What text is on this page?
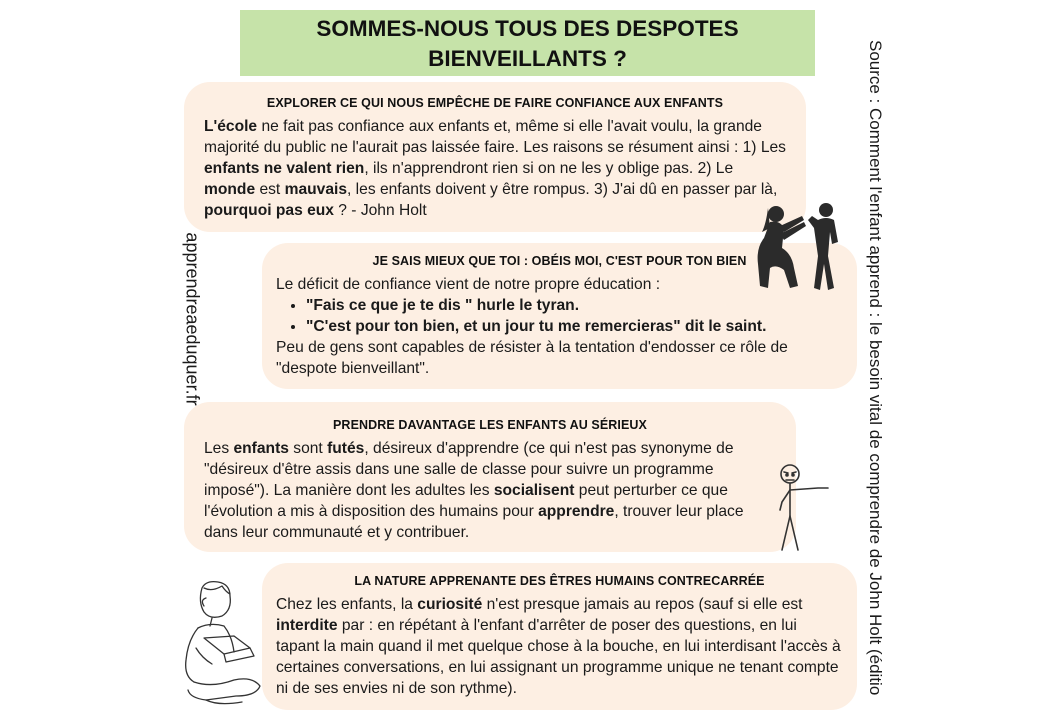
SOMMES-NOUS TOUS DES DESPOTES
BIENVEILLANTS ?
apprendreaeduquer.fr	Source : Comment l'enfant apprend : le besoin vital de comprendre de John Holt (éditio
EXPLORER CE QUI NOUS EMPÊCHE DE FAIRE CONFIANCE AUX ENFANTS

L'école ne fait pas confiance aux enfants et, même si elle l'avait voulu, la grande majorité du public ne l'aurait pas laissée faire. Les raisons se résument ainsi : 1) Les enfants ne valent rien, ils n'apprendront rien si on ne les y oblige pas. 2) Le monde est mauvais, les enfants doivent y être rompus. 3) J'ai dû en passer par là, pourquoi pas eux ? - John Holt

JE SAIS MIEUX QUE TOI : OBÉIS MOI, C'EST POUR TON BIEN

Le déficit de confiance vient de notre propre éducation :

• "Fais ce que je te dis " hurle le tyran.
• "C'est pour ton bien, et un jour tu me remercieras" dit le saint.

Peu de gens sont capables de résister à la tentation d'endosser ce rôle de "despote bienveillant".

PRENDRE DAVANTAGE LES ENFANTS AU SÉRIEUX

Les enfants sont futés, désireux d'apprendre (ce qui n'est pas synonyme de "désireux d'être assis dans une salle de classe pour suivre un programme imposé"). La manière dont les adultes les socialisent peut perturber ce que l'évolution a mis à disposition des humains pour apprendre, trouver leur place dans leur communauté et y contribuer.

LA NATURE APPRENANTE DES ÊTRES HUMAINS CONTRECARRÉE

Chez les enfants, la curiosité n'est presque jamais au repos (sauf si elle est interdite par : en répétant à l'enfant d'arrêter de poser des questions, en lui tapant la main quand il met quelque chose à la bouche, en lui interdisant l'accès à certaines conversations, en lui assignant un programme unique ne tenant compte ni de ses envies ni de son rythme).
